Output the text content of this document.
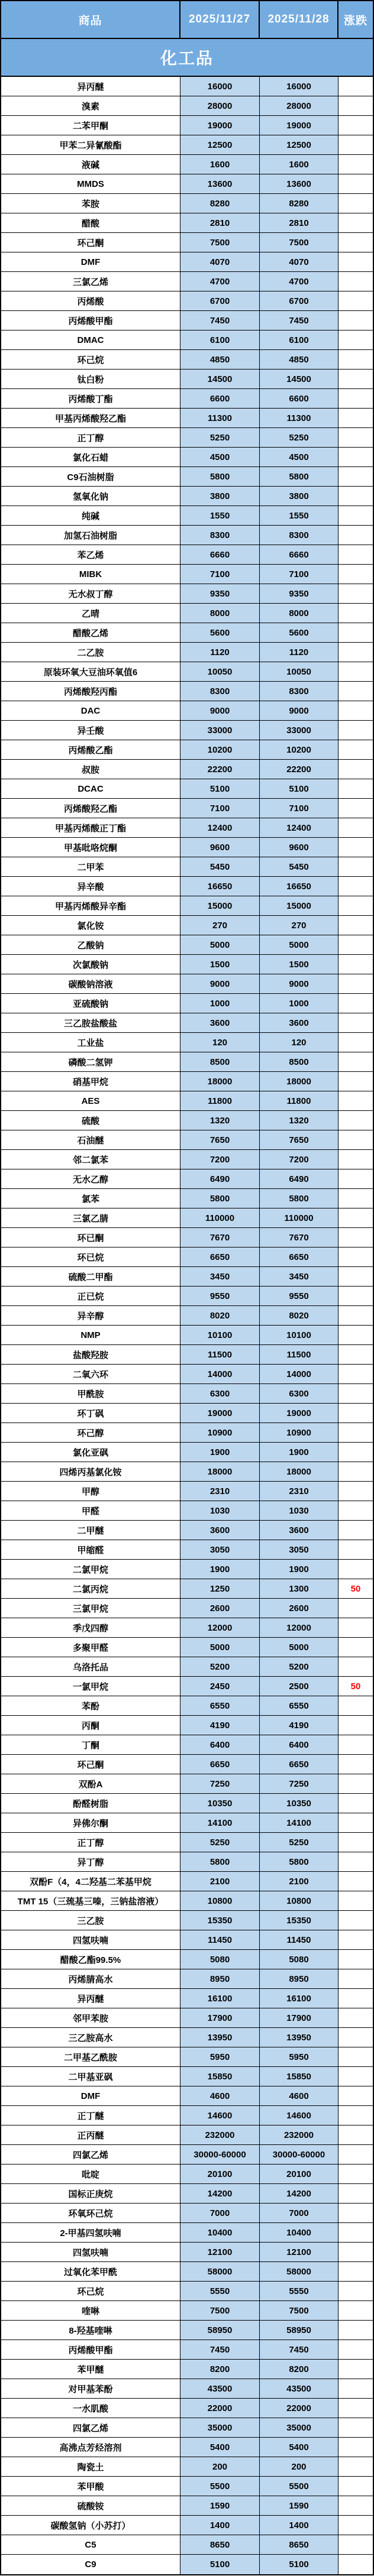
商品	2025/11/27	2025/11/28	涨跌
化工品
异丙醚	16000	16000
溴素	28000	28000
二苯甲酮	19000	19000
甲苯二异氰酸酯	12500	12500
液碱	1600	1600
MMDS	13600	13600
苯胺	8280	8280
醋酸	2810	2810
环己酮	7500	7500
DMF	4070	4070
三氯乙烯	4700	4700
丙烯酸	6700	6700
丙烯酸甲酯	7450	7450
DMAC	6100	6100
环己烷	4850	4850
钛白粉	14500	14500
丙烯酸丁酯	6600	6600
甲基丙烯酸羟乙酯	11300	11300
正丁醇	5250	5250
氯化石蜡	4500	4500
C9石油树脂	5800	5800
氢氧化钠	3800	3800
纯碱	1550	1550
加氢石油树脂	8300	8300
苯乙烯	6660	6660
MIBK	7100	7100
无水叔丁醇	9350	9350
乙晴	8000	8000
醋酸乙烯	5600	5600
二乙胺	1120	1120
原装环氧大豆油环氧值6	10050	10050
丙烯酸羟丙酯	8300	8300
DAC	9000	9000
异壬酸	33000	33000
丙烯酸乙酯	10200	10200
叔胺	22200	22200
DCAC	5100	5100
丙烯酸羟乙酯	7100	7100
甲基丙烯酸正丁酯	12400	12400
甲基吡咯烷酮	9600	9600
二甲苯	5450	5450
异辛酸	16650	16650
甲基丙烯酸异辛酯	15000	15000
氯化铵	270	270
乙酸钠	5000	5000
次氯酸钠	1500	1500
碳酸钠溶液	9000	9000
亚硫酸钠	1000	1000
三乙胺盐酸盐	3600	3600
工业盐	120	120
磷酸二氢钾	8500	8500
硝基甲烷	18000	18000
AES	11800	11800
硫酸	1320	1320
石油醚	7650	7650
邻二氯苯	7200	7200
无水乙醇	6490	6490
氯苯	5800	5800
三氯乙腈	110000	110000
环已酮	7670	7670
环已烷	6650	6650
硫酸二甲酯	3450	3450
正已烷	9550	9550
异辛醇	8020	8020
NMP	10100	10100
盐酸羟胺	11500	11500
二氧六环	14000	14000
甲酰胺	6300	6300
环丁砜	19000	19000
环己醇	10900	10900
氯化亚砜	1900	1900
四烯丙基氯化铵	18000	18000
甲醇	2310	2310
甲醛	1030	1030
二甲醚	3600	3600
甲缩醛	3050	3050
二氯甲烷	1900	1900
二氯丙烷	1250	1300	50
三氯甲烷	2600	2600
季戊四醇	12000	12000
多聚甲醛	5000	5000
乌洛托品	5200	5200
一氯甲烷	2450	2500	50
苯酚	6550	6550
丙酮	4190	4190
丁酮	6400	6400
环己酮	6650	6650
双酚A	7250	7250
酚醛树脂	10350	10350
异佛尔酮	14100	14100
正丁醇	5250	5250
异丁醇	5800	5800
双酚F（4，4二羟基二苯基甲烷	2100	2100
TMT 15（三巯基三嗪，三钠盐溶液）	10800	10800
三乙胺	15350	15350
四氢呋喃	11450	11450
醋酸乙酯99.5%	5080	5080
丙烯腈高水	8950	8950
异丙醚	16100	16100
邻甲苯胺	17900	17900
三乙胺高水	13950	13950
二甲基乙酰胺	5950	5950
二甲基亚砜	15850	15850
DMF	4600	4600
正丁醚	14600	14600
正丙醚	232000	232000
四氯乙烯	30000-60000	30000-60000
吡啶	20100	20100
国标正庚烷	14200	14200
环氧环己烷	7000	7000
2-甲基四氢呋喃	10400	10400
四氢呋喃	12100	12100
过氧化苯甲酰	58000	58000
环己烷	5550	5550
喹啉	7500	7500
8-羟基喹啉	58950	58950
丙烯酸甲酯	7450	7450
苯甲醚	8200	8200
对甲基苯酚	43500	43500
一水肌酸	22000	22000
四氯乙烯	35000	35000
高沸点芳烃溶剂	5400	5400
陶瓷土	200	200
苯甲酸	5500	5500
硫酸铵	1590	1590
碳酸氢钠（小苏打）	1400	1400
C5	8650	8650
C9	5100	5100
